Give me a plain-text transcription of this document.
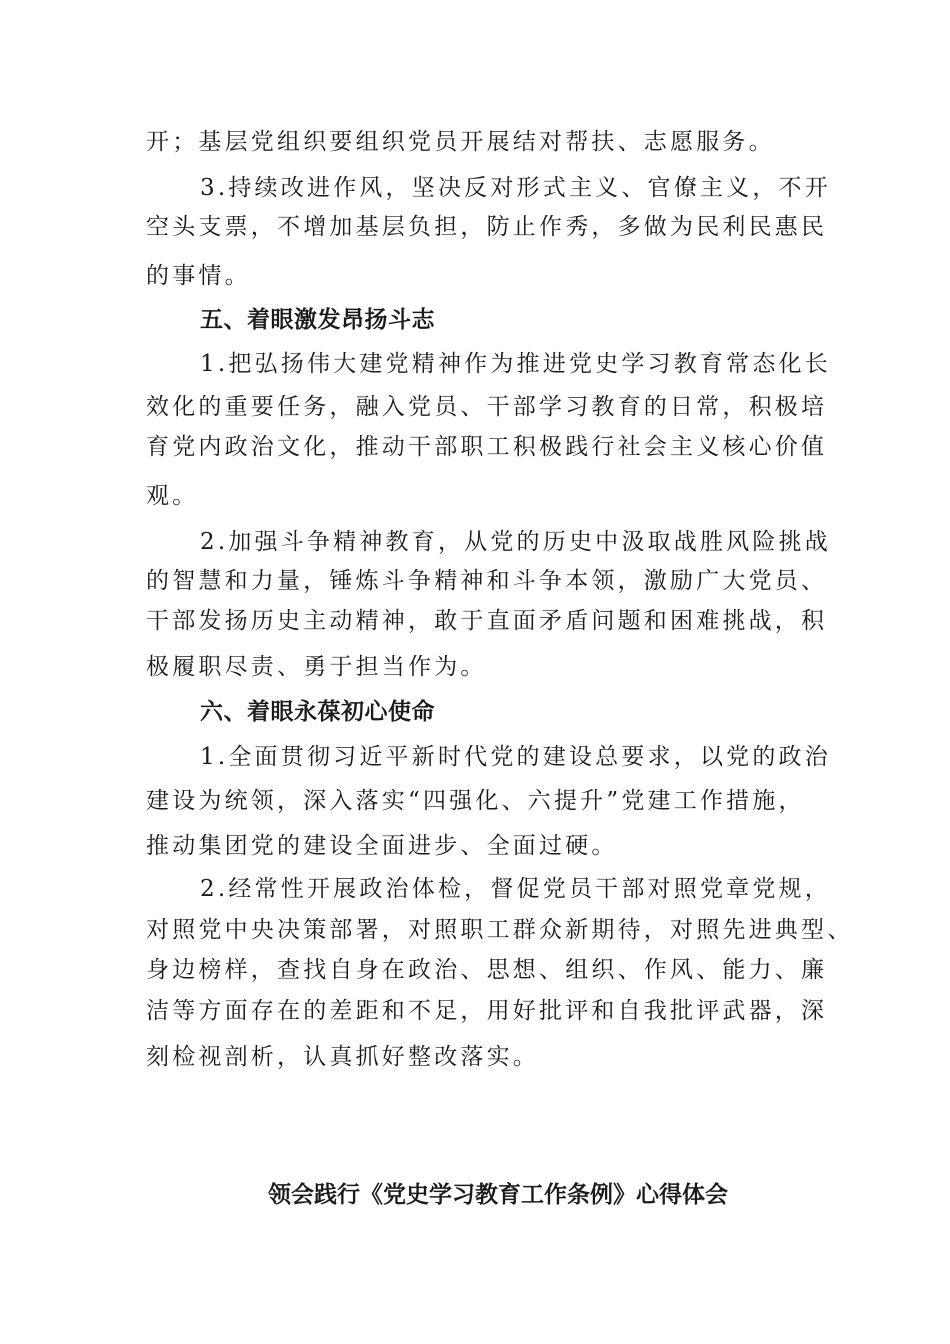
开；基层党组织要组织党员开展结对帮扶、志愿服务。
3.持续改进作风，坚决反对形式主义、官僚主义，不开
空头支票，不增加基层负担，防止作秀，多做为民利民惠民
的事情。
五、着眼激发昂扬斗志
1.把弘扬伟大建党精神作为推进党史学习教育常态化长
效化的重要任务，融入党员、干部学习教育的日常，积极培
育党内政治文化，推动干部职工积极践行社会主义核心价值
观。
2.加强斗争精神教育，从党的历史中汲取战胜风险挑战
的智慧和力量，锤炼斗争精神和斗争本领，激励广大党员、
干部发扬历史主动精神，敢于直面矛盾问题和困难挑战，积
极履职尽责、勇于担当作为。
六、着眼永葆初心使命
1.全面贯彻习近平新时代党的建设总要求，以党的政治
建设为统领，深入落实“四强化、六提升”党建工作措施，
推动集团党的建设全面进步、全面过硬。
2.经常性开展政治体检，督促党员干部对照党章党规，
对照党中央决策部署，对照职工群众新期待，对照先进典型、
身边榜样，查找自身在政治、思想、组织、作风、能力、廉
洁等方面存在的差距和不足，用好批评和自我批评武器，深
刻检视剖析，认真抓好整改落实。
领会践行《党史学习教育工作条例》心得体会
